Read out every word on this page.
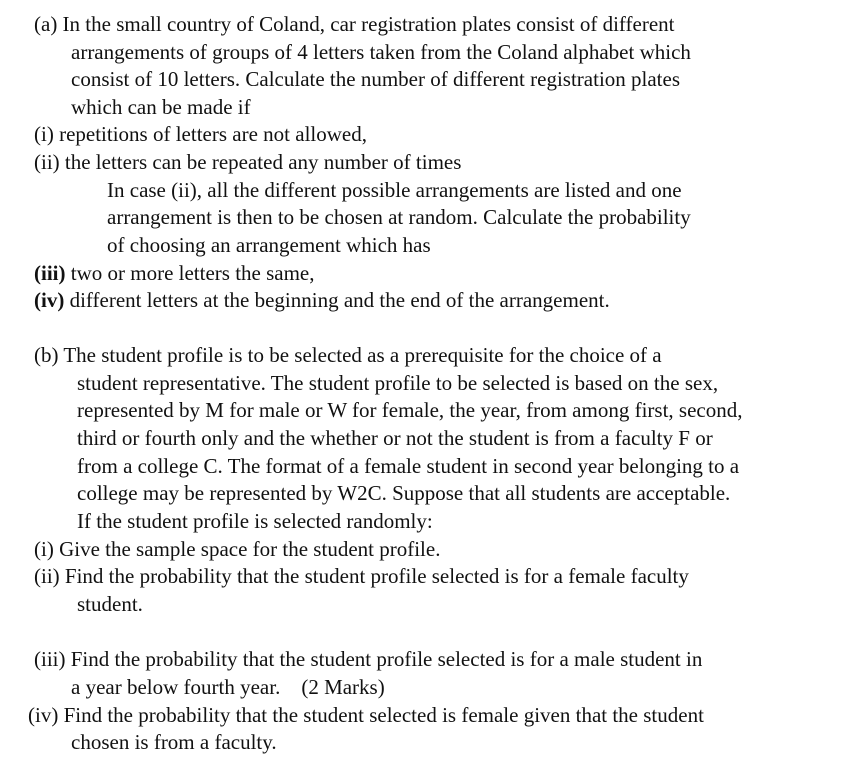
(a) In the small country of Coland, car registration plates consist of different
arrangements of groups of 4 letters taken from the Coland alphabet which
consist of 10 letters. Calculate the number of different registration plates
which can be made if
(i) repetitions of letters are not allowed,
(ii) the letters can be repeated any number of times
In case (ii), all the different possible arrangements are listed and one
arrangement is then to be chosen at random. Calculate the probability
of choosing an arrangement which has
(iii) two or more letters the same,
(iv) different letters at the beginning and the end of the arrangement.
(b) The student profile is to be selected as a prerequisite for the choice of a
student representative. The student profile to be selected is based on the sex,
represented by M for male or W for female, the year, from among first, second,
third or fourth only and the whether or not the student is from a faculty F or
from a college C. The format of a female student in second year belonging to a
college may be represented by W2C. Suppose that all students are acceptable.
If the student profile is selected randomly:
(i) Give the sample space for the student profile.
(ii) Find the probability that the student profile selected is for a female faculty
student.
(iii) Find the probability that the student profile selected is for a male student in
a year below fourth year.    (2 Marks)
(iv) Find the probability that the student selected is female given that the student
chosen is from a faculty.
